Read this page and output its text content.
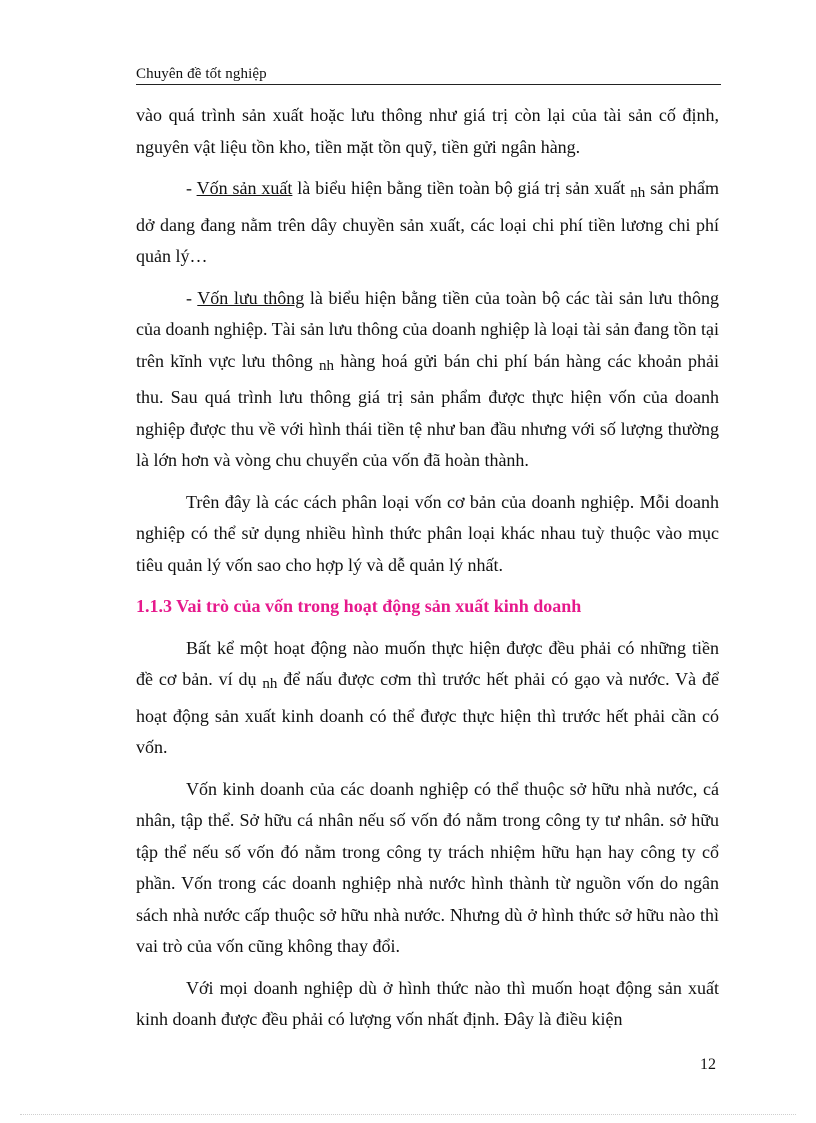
Chuyên đề tốt nghiệp

vào quá trình sản xuất hoặc lưu thông như giá trị còn lại của tài sản cố định, nguyên vật liệu tồn kho, tiền mặt tồn quỹ, tiền gửi ngân hàng.

- Vốn sản xuất là biểu hiện bằng tiền toàn bộ giá trị sản xuất $_{nh}$ sản phẩm dở dang đang nằm trên dây chuyền sản xuất, các loại chi phí tiền lương chi phí quản lý…

- Vốn lưu thông là biểu hiện bằng tiền của toàn bộ các tài sản lưu thông của doanh nghiệp. Tài sản lưu thông của doanh nghiệp là loại tài sản đang tồn tại trên kĩnh vực lưu thông $_{nh}$ hàng hoá gửi bán chi phí bán hàng các khoản phải thu. Sau quá trình lưu thông giá trị sản phẩm được thực hiện vốn của doanh nghiệp được thu về với hình thái tiền tệ như ban đầu nhưng với số lượng thường là lớn hơn và vòng chu chuyển của vốn đã hoàn thành.

Trên đây là các cách phân loại vốn cơ bản của doanh nghiệp. Mỗi doanh nghiệp có thể sử dụng nhiều hình thức phân loại khác nhau tuỳ thuộc vào mục tiêu quản lý vốn sao cho hợp lý và dễ quản lý nhất.

1.1.3 Vai trò của vốn trong hoạt động sản xuất kinh doanh

Bất kể một hoạt động nào muốn thực hiện được đều phải có những tiền đề cơ bản. ví dụ $_{nh}$ để nấu được cơm thì trước hết phải có gạo và nước. Và để hoạt động sản xuất kinh doanh có thể được thực hiện thì trước hết phải cần có vốn.

Vốn kinh doanh của các doanh nghiệp có thể thuộc sở hữu nhà nước, cá nhân, tập thể. Sở hữu cá nhân nếu số vốn đó nằm trong công ty tư nhân. sở hữu tập thể nếu số vốn đó nằm trong công ty trách nhiệm hữu hạn hay công ty cổ phần. Vốn trong các doanh nghiệp nhà nước hình thành từ nguồn vốn do ngân sách nhà nước cấp thuộc sở hữu nhà nước. Nhưng dù ở hình thức sở hữu nào thì vai trò của vốn cũng không thay đổi.

Với mọi doanh nghiệp dù ở hình thức nào thì muốn hoạt động sản xuất kinh doanh được đều phải có lượng vốn nhất định. Đây là điều kiện

12
